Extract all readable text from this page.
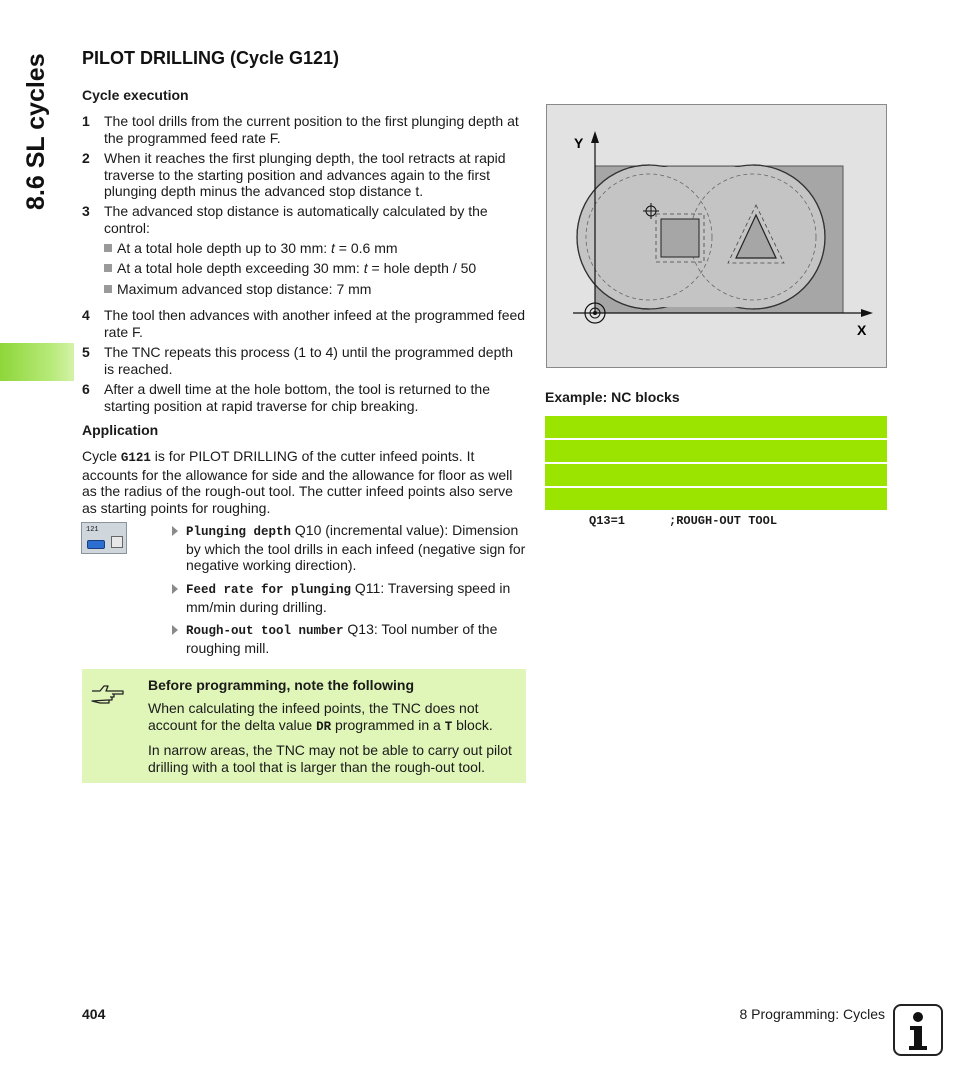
8.6 SL cycles	PILOT DRILLING (Cycle G121)
Cycle execution
1 The tool drills from the current position to the first plunging depth at the programmed feed rate F.
2 When it reaches the first plunging depth, the tool retracts at rapid traverse to the starting position and advances again to the first plunging depth minus the advanced stop distance t.
3 The advanced stop distance is automatically calculated by the control:
At a total hole depth up to 30 mm: t = 0.6 mm
At a total hole depth exceeding 30 mm: t = hole depth / 50
Maximum advanced stop distance: 7 mm
4 The tool then advances with another infeed at the programmed feed rate F.
5 The TNC repeats this process (1 to 4) until the programmed depth is reached.
6 After a dwell time at the hole bottom, the tool is returned to the starting position at rapid traverse for chip breaking.
Application
Cycle G121 is for PILOT DRILLING of the cutter infeed points. It accounts for the allowance for side and the allowance for floor as well as the radius of the rough-out tool. The cutter infeed points also serve as starting points for roughing.
121	Plunging depth Q10 (incremental value): Dimension by which the tool drills in each infeed (negative sign for negative working direction).
Feed rate for plunging Q11: Traversing speed in mm/min during drilling.
Rough-out tool number Q13: Tool number of the roughing mill.
Before programming, note the following
When calculating the infeed points, the TNC does not account for the delta value DR programmed in a T block.
In narrow areas, the TNC may not be able to carry out pilot drilling with a tool that is larger than the rough-out tool.
Y
X
Example: NC blocks

Q13=1	;ROUGH-OUT TOOL

404	8 Programming: Cycles
